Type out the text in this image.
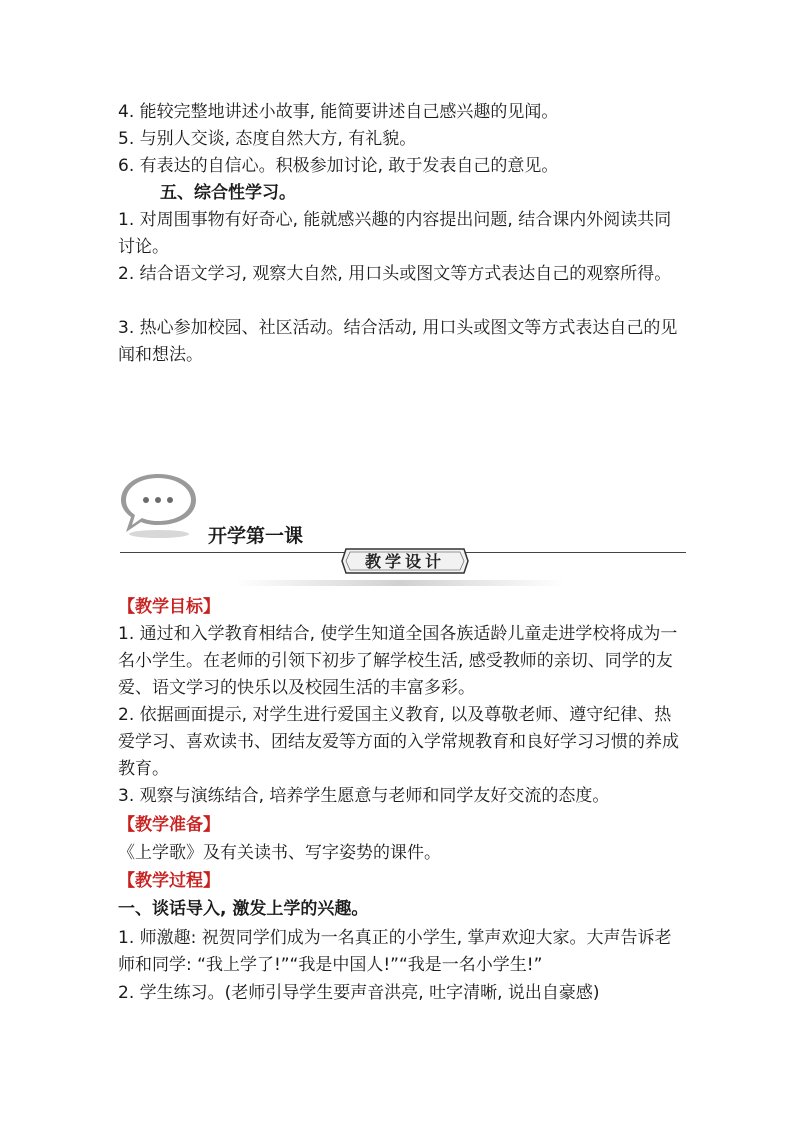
4. 能较完整地讲述小故事, 能简要讲述自己感兴趣的见闻。

5. 与别人交谈, 态度自然大方, 有礼貌。

6. 有表达的自信心。积极参加讨论, 敢于发表自己的意见。

五、综合性学习。

1. 对周围事物有好奇心, 能就感兴趣的内容提出问题, 结合课内外阅读共同讨论。

2. 结合语文学习, 观察大自然, 用口头或图文等方式表达自己的观察所得。

3. 热心参加校园、社区活动。结合活动, 用口头或图文等方式表达自己的见闻和想法。

开学第一课
教学设计

【教学目标】

1. 通过和入学教育相结合, 使学生知道全国各族适龄儿童走进学校将成为一名小学生。在老师的引领下初步了解学校生活, 感受教师的亲切、同学的友爱、语文学习的快乐以及校园生活的丰富多彩。

2. 依据画面提示, 对学生进行爱国主义教育, 以及尊敬老师、遵守纪律、热爱学习、喜欢读书、团结友爱等方面的入学常规教育和良好学习习惯的养成教育。

3. 观察与演练结合, 培养学生愿意与老师和同学友好交流的态度。

【教学准备】

《上学歌》及有关读书、写字姿势的课件。

【教学过程】

一、谈话导入, 激发上学的兴趣。

1. 师激趣: 祝贺同学们成为一名真正的小学生, 掌声欢迎大家。大声告诉老师和同学: “我上学了!”“我是中国人!”“我是一名小学生!”

2. 学生练习。(老师引导学生要声音洪亮, 吐字清晰, 说出自豪感)
